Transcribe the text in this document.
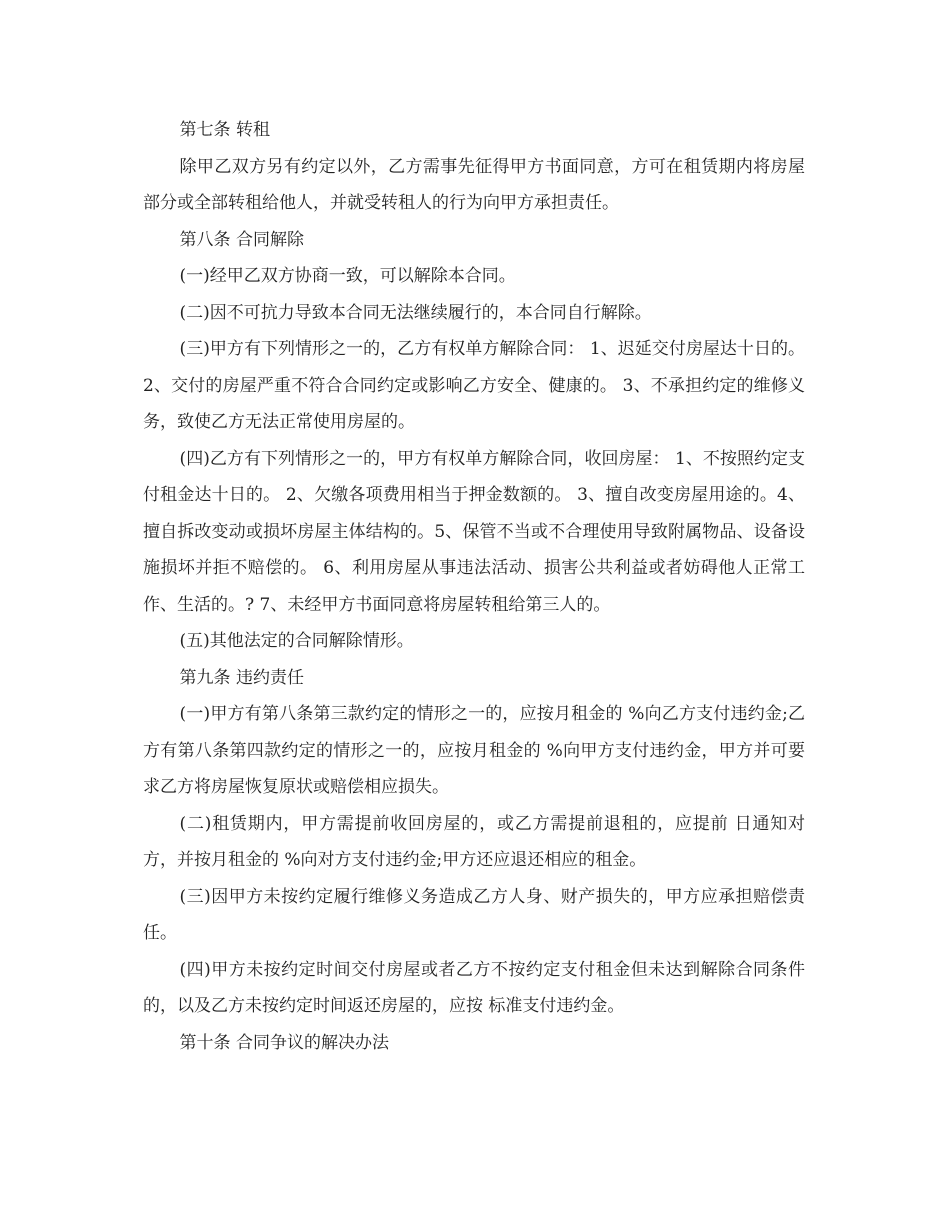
第七条 转租

除甲乙双方另有约定以外，乙方需事先征得甲方书面同意，方可在租赁期内将房屋部分或全部转租给他人，并就受转租人的行为向甲方承担责任。

第八条 合同解除

(一)经甲乙双方协商一致，可以解除本合同。

(二)因不可抗力导致本合同无法继续履行的，本合同自行解除。

(三)甲方有下列情形之一的，乙方有权单方解除合同： 1、迟延交付房屋达十日的。2、交付的房屋严重不符合合同约定或影响乙方安全、健康的。 3、不承担约定的维修义务，致使乙方无法正常使用房屋的。

(四)乙方有下列情形之一的，甲方有权单方解除合同，收回房屋： 1、不按照约定支付租金达十日的。 2、欠缴各项费用相当于押金数额的。 3、擅自改变房屋用途的。4、擅自拆改变动或损坏房屋主体结构的。5、保管不当或不合理使用导致附属物品、设备设施损坏并拒不赔偿的。 6、利用房屋从事违法活动、损害公共利益或者妨碍他人正常工作、生活的。? 7、未经甲方书面同意将房屋转租给第三人的。

(五)其他法定的合同解除情形。

第九条 违约责任

(一)甲方有第八条第三款约定的情形之一的，应按月租金的 %向乙方支付违约金;乙方有第八条第四款约定的情形之一的，应按月租金的 %向甲方支付违约金，甲方并可要求乙方将房屋恢复原状或赔偿相应损失。

(二)租赁期内，甲方需提前收回房屋的，或乙方需提前退租的，应提前 日通知对方，并按月租金的 %向对方支付违约金;甲方还应退还相应的租金。

(三)因甲方未按约定履行维修义务造成乙方人身、财产损失的，甲方应承担赔偿责任。

(四)甲方未按约定时间交付房屋或者乙方不按约定支付租金但未达到解除合同条件的，以及乙方未按约定时间返还房屋的，应按 标准支付违约金。

第十条 合同争议的解决办法
